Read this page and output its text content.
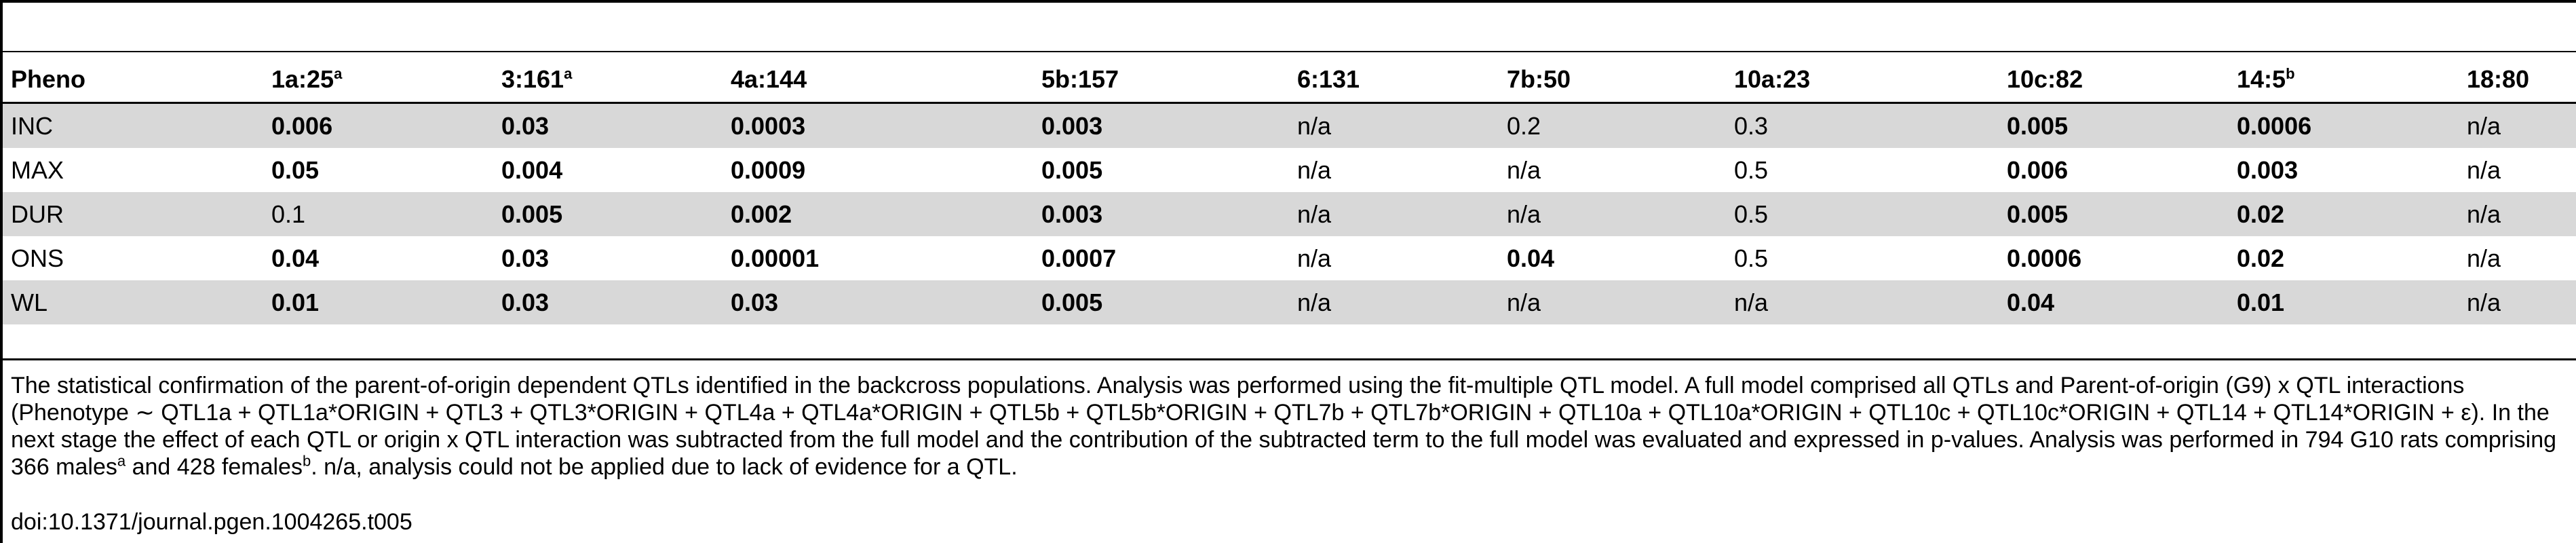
Pheno	1a:25$^a$	3:161$^a$	4a:144	5b:157	6:131	7b:50	10a:23	10c:82	14:5$^b$	18:80
INC	0.006	0.03	0.0003	0.003	n/a	0.2	0.3	0.005	0.0006	n/a
MAX	0.05	0.004	0.0009	0.005	n/a	n/a	0.5	0.006	0.003	n/a
DUR	0.1	0.005	0.002	0.003	n/a	n/a	0.5	0.005	0.02	n/a
ONS	0.04	0.03	0.00001	0.0007	n/a	0.04	0.5	0.0006	0.02	n/a
WL	0.01	0.03	0.03	0.005	n/a	n/a	n/a	0.04	0.01	n/a
The statistical confirmation of the parent-of-origin dependent QTLs identified in the backcross populations. Analysis was performed using the fit-multiple QTL model. A full model comprised all QTLs and Parent-of-origin (G9) x QTL interactions (Phenotype ∼ QTL1a + QTL1a*ORIGIN + QTL3 + QTL3*ORIGIN + QTL4a + QTL4a*ORIGIN + QTL5b + QTL5b*ORIGIN + QTL7b + QTL7b*ORIGIN + QTL10a + QTL10a*ORIGIN + QTL10c + QTL10c*ORIGIN + QTL14 + QTL14*ORIGIN + ε). In the next stage the effect of each QTL or origin x QTL interaction was subtracted from the full model and the contribution of the subtracted term to the full model was evaluated and expressed in p-values. Analysis was performed in 794 G10 rats comprising 366 males$^a$ and 428 females$^b$. n/a, analysis could not be applied due to lack of evidence for a QTL.
doi:10.1371/journal.pgen.1004265.t005
